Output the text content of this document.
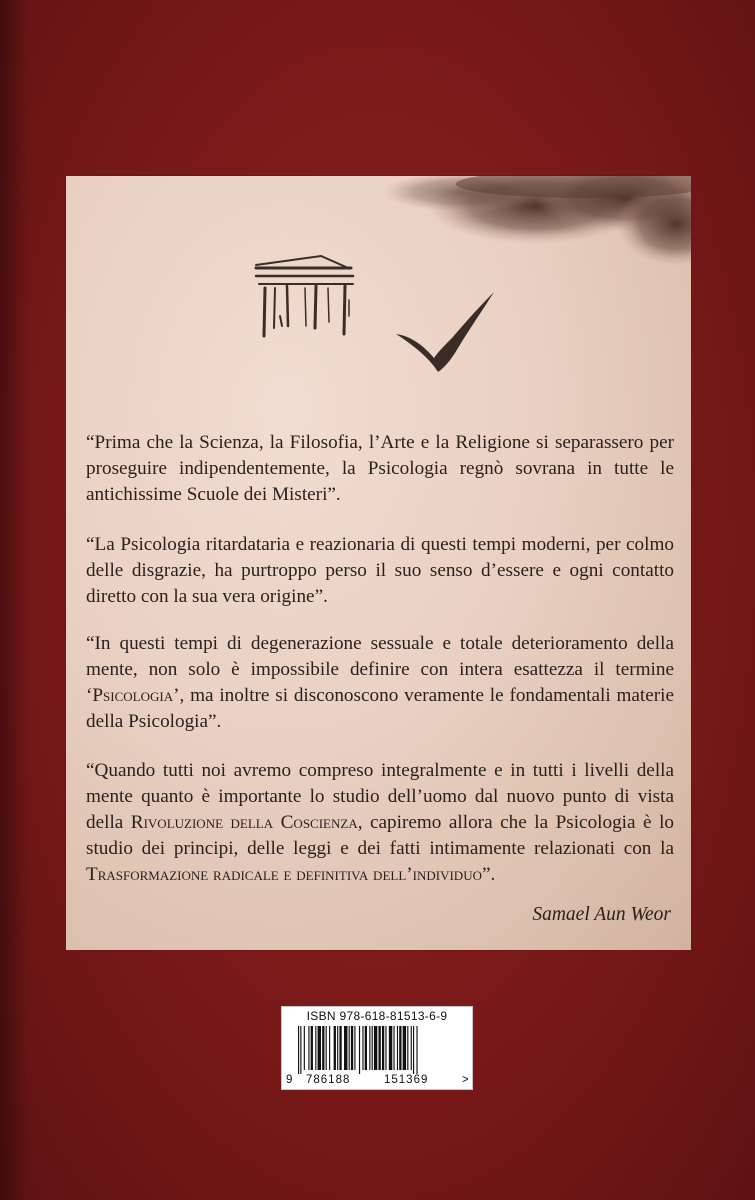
“Prima che la Scienza, la Filosofia, l’Arte e la Religione si separassero per proseguire indipendentemente, la Psicologia regnò sovrana in tutte le antichissime Scuole dei Misteri”.

“La Psicologia ritardataria e reazionaria di questi tempi moderni, per colmo delle disgrazie, ha purtroppo perso il suo senso d’essere e ogni contatto diretto con la sua vera origine”.

“In questi tempi di degenerazione sessuale e totale deterioramento della mente, non solo è impossibile definire con intera esattezza il termine ‘Psicologia’, ma inoltre si disconoscono veramente le fondamentali materie della Psicologia”.

“Quando tutti noi avremo compreso integralmente e in tutti i livelli della mente quanto è importante lo studio dell’uomo dal nuovo punto di vista della Rivoluzione della Coscienza, capiremo allora che la Psicologia è lo studio dei principi, delle leggi e dei fatti intimamente relazionati con la Trasformazione radicale e definitiva dell’individuo”.

Samael Aun Weor
ISBN 978-618-81513-6-9
9 786188	151369	>
